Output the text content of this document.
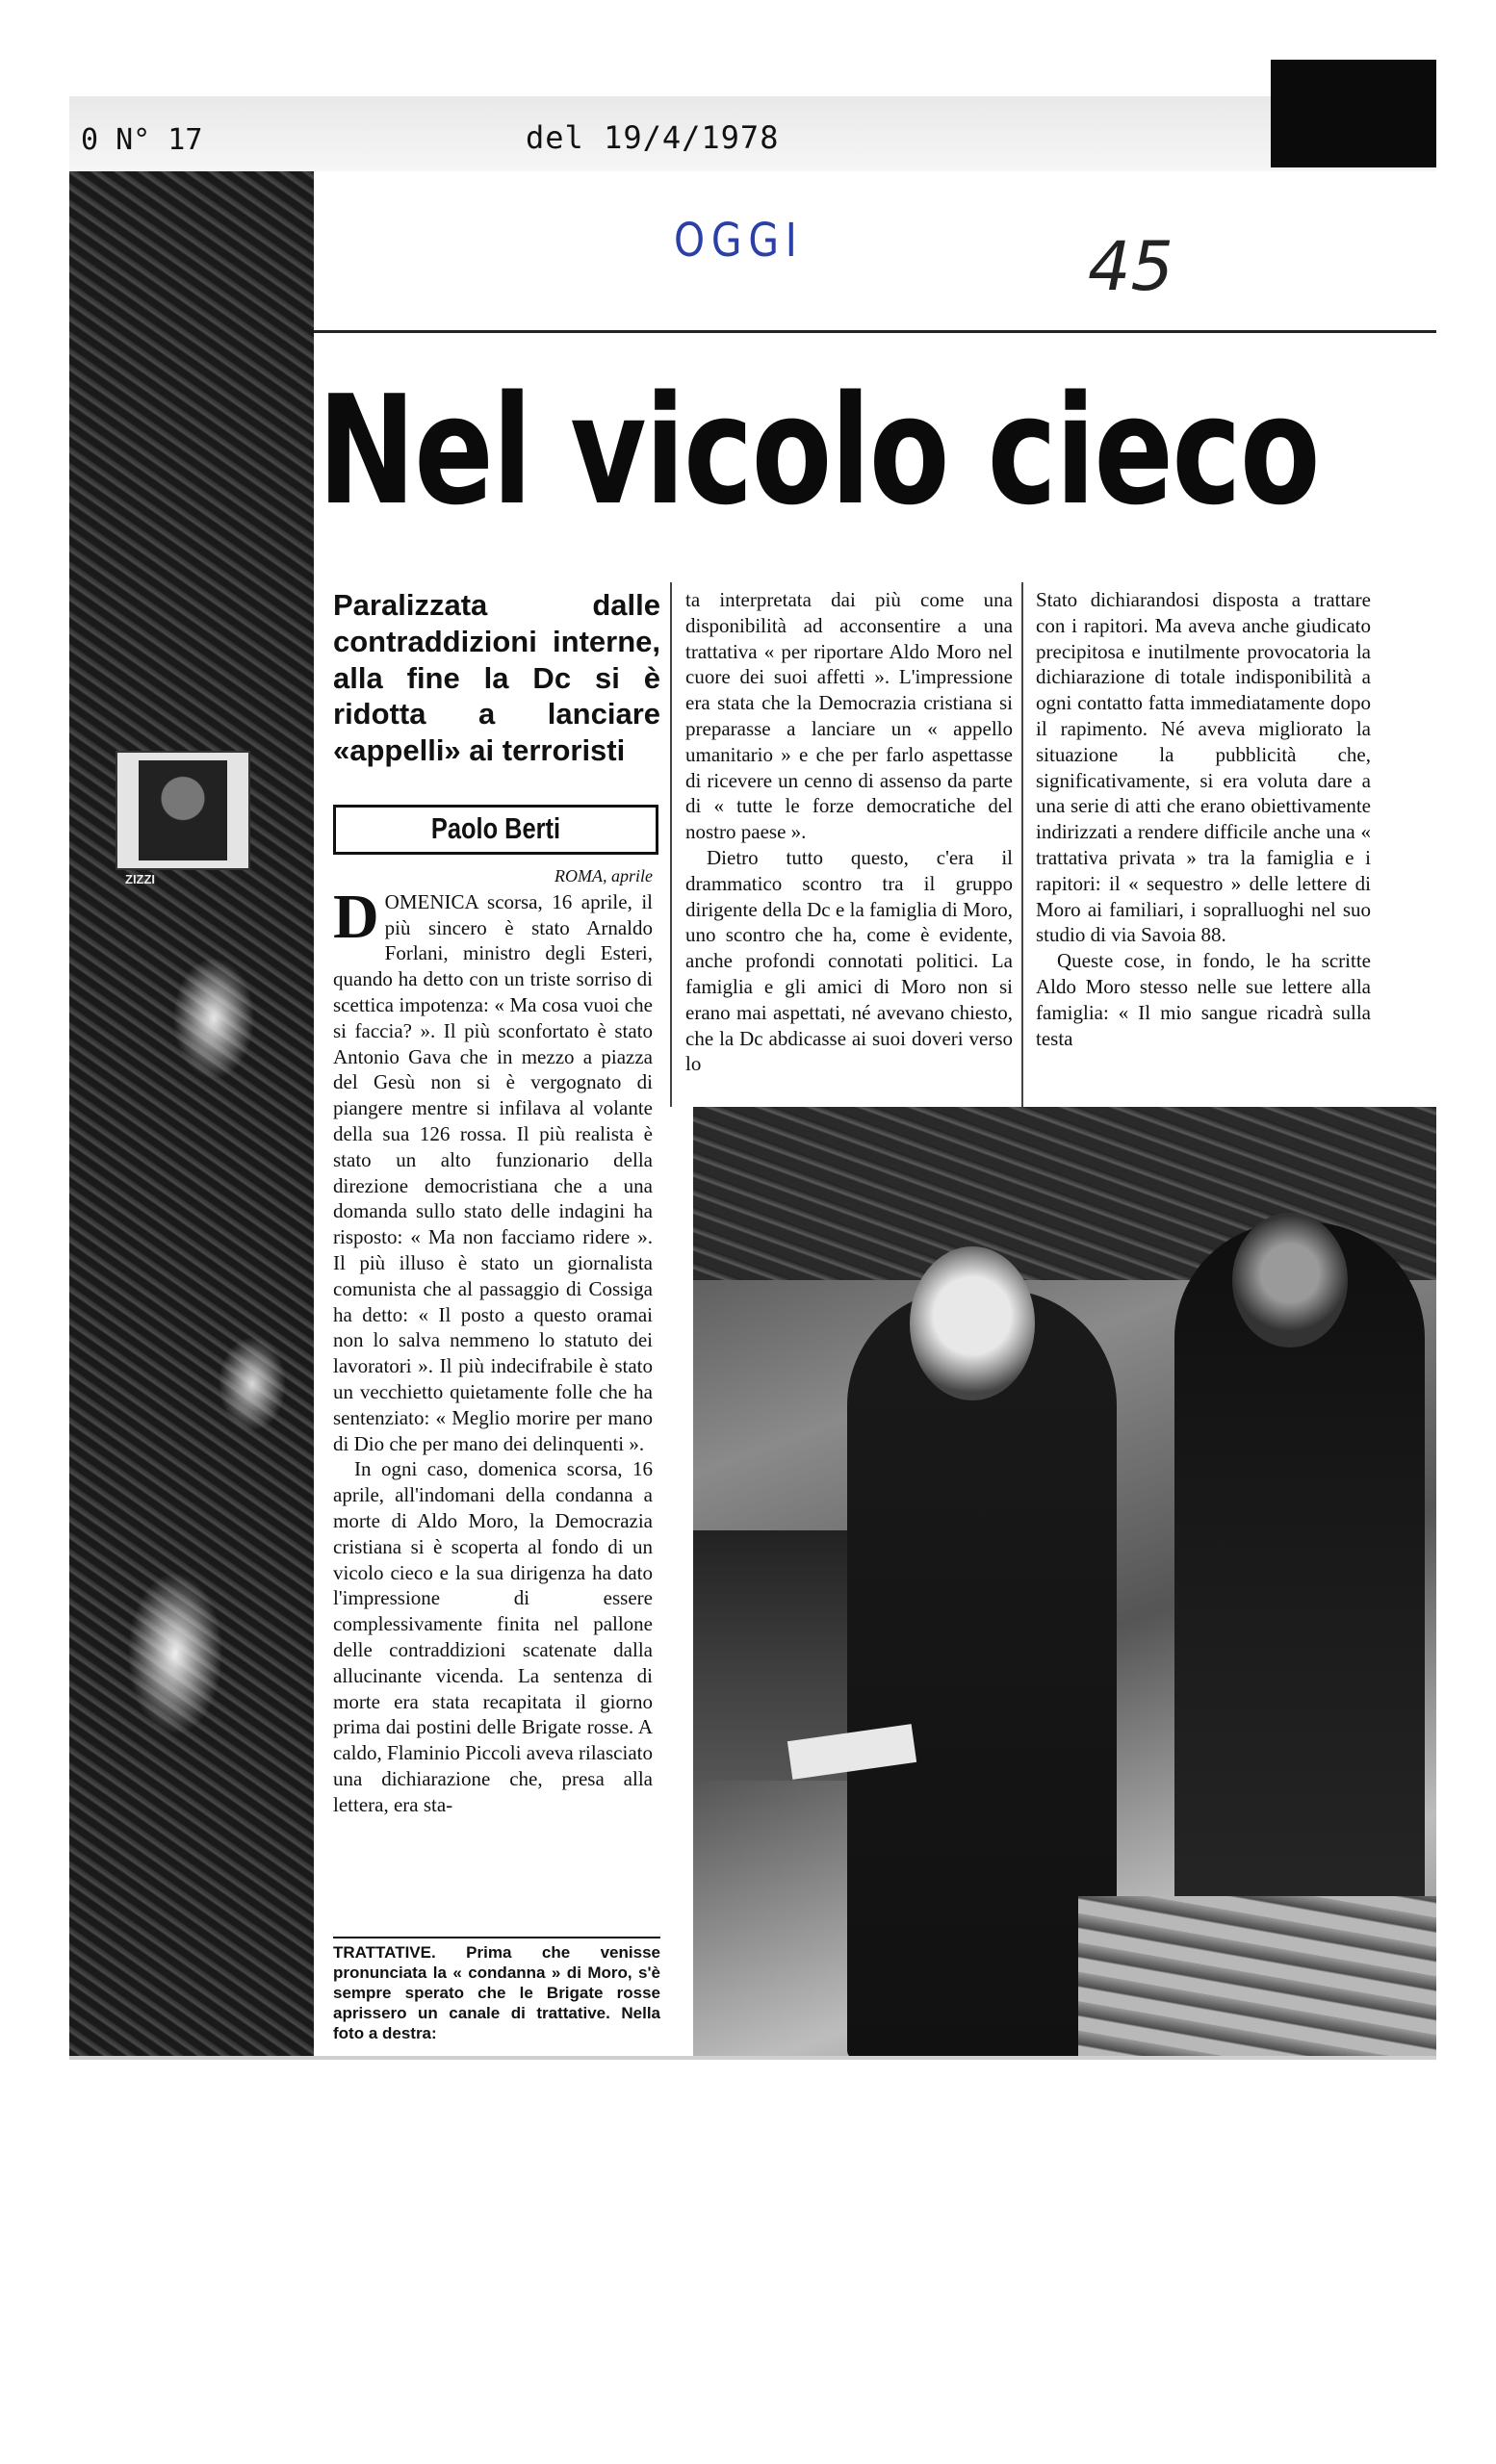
0 N° 17	del 19/4/1978
OGGI	45
ZIZZI
Nel vicolo cieco
Paralizzata dalle contraddizioni interne, alla fine la Dc si è ridotta a lanciare «appelli» ai terroristi
Paolo Berti

ROMA, aprile

DOMENICA scorsa, 16 aprile, il più sincero è stato Arnaldo Forlani, ministro degli Esteri, quando ha detto con un triste sorriso di scettica impotenza: « Ma cosa vuoi che si faccia? ». Il più sconfortato è stato Antonio Gava che in mezzo a piazza del Gesù non si è vergognato di piangere mentre si infilava al volante della sua 126 rossa. Il più realista è stato un alto funzionario della direzione democristiana che a una domanda sullo stato delle indagini ha risposto: « Ma non facciamo ridere ». Il più illuso è stato un giornalista comunista che al passaggio di Cossiga ha detto: « Il posto a questo oramai non lo salva nemmeno lo statuto dei lavoratori ». Il più indecifrabile è stato un vecchietto quietamente folle che ha sentenziato: « Meglio morire per mano di Dio che per mano dei delinquenti ».

In ogni caso, domenica scorsa, 16 aprile, all'indomani della condanna a morte di Aldo Moro, la Democrazia cristiana si è scoperta al fondo di un vicolo cieco e la sua dirigenza ha dato l'impressione di essere complessivamente finita nel pallone delle contraddizioni scatenate dalla allucinante vicenda. La sentenza di morte era stata recapitata il giorno prima dai postini delle Brigate rosse. A caldo, Flaminio Piccoli aveva rilasciato una dichiarazione che, presa alla lettera, era sta-

ta interpretata dai più come una disponibilità ad acconsentire a una trattativa « per riportare Aldo Moro nel cuore dei suoi affetti ». L'impressione era stata che la Democrazia cristiana si preparasse a lanciare un « appello umanitario » e che per farlo aspettasse di ricevere un cenno di assenso da parte di « tutte le forze democratiche del nostro paese ».

Dietro tutto questo, c'era il drammatico scontro tra il gruppo dirigente della Dc e la famiglia di Moro, uno scontro che ha, come è evidente, anche profondi connotati politici. La famiglia e gli amici di Moro non si erano mai aspettati, né avevano chiesto, che la Dc abdicasse ai suoi doveri verso lo

Stato dichiarandosi disposta a trattare con i rapitori. Ma aveva anche giudicato precipitosa e inutilmente provocatoria la dichiarazione di totale indisponibilità a ogni contatto fatta immediatamente dopo il rapimento. Né aveva migliorato la situazione la pubblicità che, significativamente, si era voluta dare a una serie di atti che erano obiettivamente indirizzati a rendere difficile anche una « trattativa privata » tra la famiglia e i rapitori: il « sequestro » delle lettere di Moro ai familiari, i sopralluoghi nel suo studio di via Savoia 88.

Queste cose, in fondo, le ha scritte Aldo Moro stesso nelle sue lettere alla famiglia: « Il mio sangue ricadrà sulla testa

TRATTATIVE. Prima che venisse pronunciata la « condanna » di Moro, s'è sempre sperato che le Brigate rosse aprissero un canale di trattative. Nella foto a destra:
